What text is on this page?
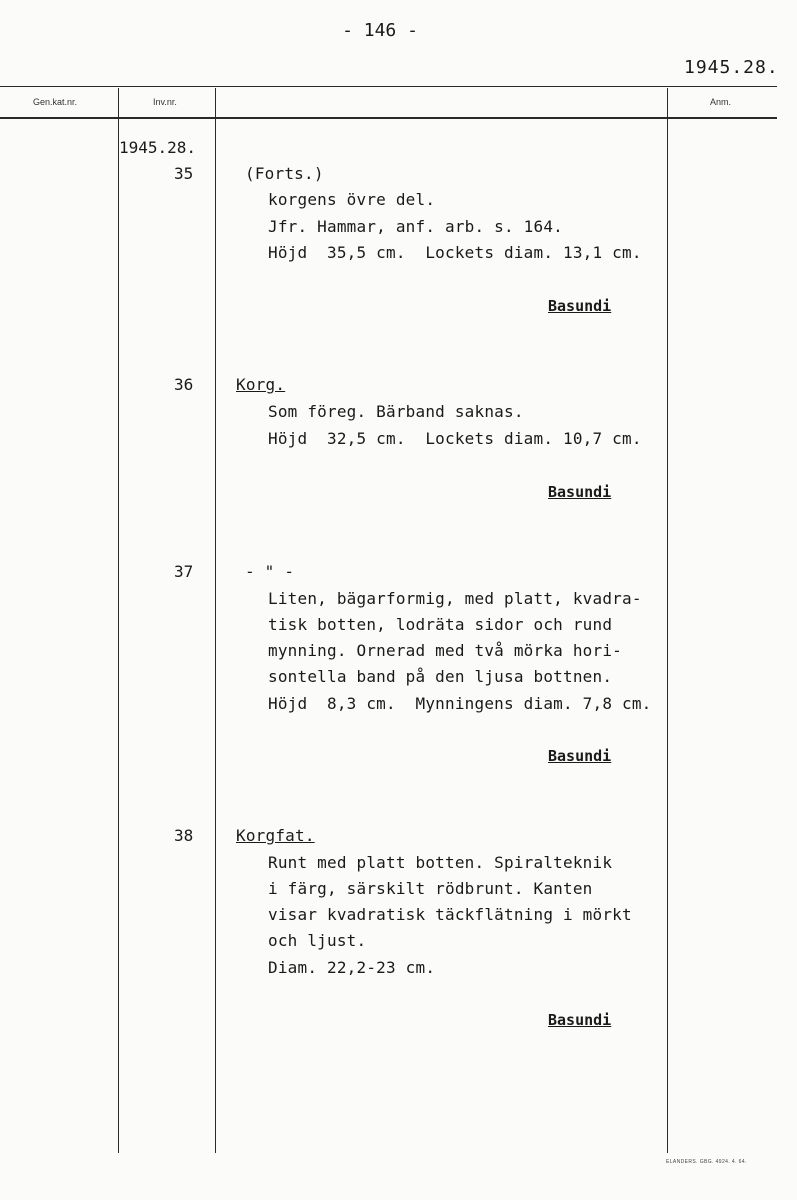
- 146 -
1945.28.
Gen.kat.nr.	Inv.nr.	Anm.
1945.28.
35	(Forts.)
korgens övre del.
Jfr. Hammar, anf. arb. s. 164.
Höjd  35,5 cm.  Lockets diam. 13,1 cm.
Basundi
36	Korg.
Som föreg. Bärband saknas.
Höjd  32,5 cm.  Lockets diam. 10,7 cm.
Basundi
37	- " -
Liten, bägarformig, med platt, kvadra-
tisk botten, lodräta sidor och rund
mynning. Ornerad med två mörka hori-
sontella band på den ljusa bottnen.
Höjd  8,3 cm.  Mynningens diam. 7,8 cm.
Basundi
38	Korgfat.
Runt med platt botten. Spiralteknik
i färg, särskilt rödbrunt. Kanten
visar kvadratisk täckflätning i mörkt
och ljust.
Diam. 22,2-23 cm.
Basundi
ELANDERS. GBG. 4924. 4. 64.
